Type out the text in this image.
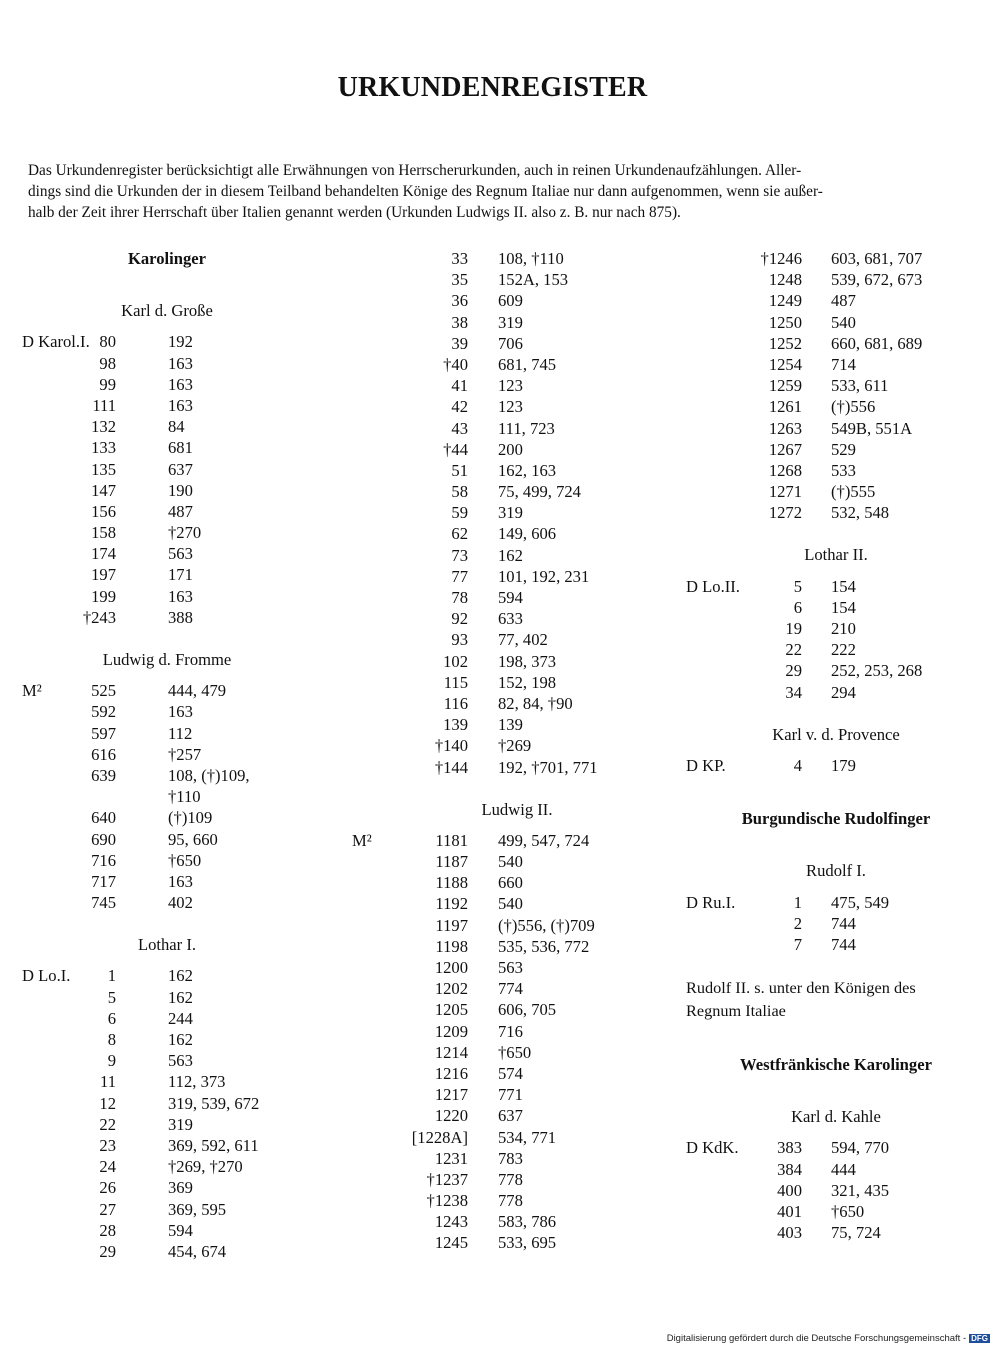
URKUNDENREGISTER
Das Urkundenregister berücksichtigt alle Erwähnungen von Herrscherurkunden, auch in reinen Urkundenaufzählungen. Aller-
dings sind die Urkunden der in diesem Teilband behandelten Könige des Regnum Italiae nur dann aufgenommen, wenn sie außer-
halb der Zeit ihrer Herrschaft über Italien genannt werden (Urkunden Ludwigs II. also z. B. nur nach 875).
Karolinger
Karl d. Große
D Karol.I. 80	192
98	163
99	163
111	163
132	84
133	681
135	637
147	190
156	487
158	†270
174	563
197	171
199	163
†243	388
Ludwig d. Fromme
M²	525	444, 479
592	163
597	112
616	†257
639	108, (†)109,
†110
640	(†)109
690	95, 660
716	†650
717	163
745	402
Lothar I.
D Lo.I. 1	162
5	162
6	244
8	162
9	563
11	112, 373
12	319, 539, 672
22	319
23	369, 592, 611
24	†269, †270
26	369
27	369, 595
28	594
29	454, 674
33 108, †110
35 152A, 153
36 609
38 319
39 706
†40 681, 745
41 123
42 123
43 111, 723
†44 200
51 162, 163
58 75, 499, 724
59 319
62 149, 606
73 162
77 101, 192, 231
78 594
92 633
93 77, 402
102 198, 373
115 152, 198
116 82, 84, †90
139 139
†140 †269
†144 192, †701, 771
Ludwig II.
M²	1181 499, 547, 724
1187 540
1188 660
1192 540
1197 (†)556, (†)709
1198 535, 536, 772
1200 563
1202 774
1205 606, 705
1209 716
1214 †650
1216 574
1217 771
1220 637
[1228A] 534, 771
1231 783
†1237 778
†1238 778
1243 583, 786
1245 533, 695
†1246 603, 681, 707
1248 539, 672, 673
1249 487
1250 540
1252 660, 681, 689
1254 714
1259 533, 611
1261 (†)556
1263 549B, 551A
1267 529
1268 533
1271 (†)555
1272 532, 548
Lothar II.
D Lo.II.	5 154
6 154
19 210
22 222
29 252, 253, 268
34 294
Karl v. d. Provence
D KP.	4 179
Burgundische Rudolfinger
Rudolf I.
D Ru.I.	1 475, 549
2 744
7 744
Rudolf II. s. unter den Königen des
Regnum Italiae
Westfränkische Karolinger
Karl d. Kahle
D KdK. 383 594, 770
384 444
400 321, 435
401 †650
403 75, 724
Digitalisierung gefördert durch die Deutsche Forschungsgemeinschaft - DFG
